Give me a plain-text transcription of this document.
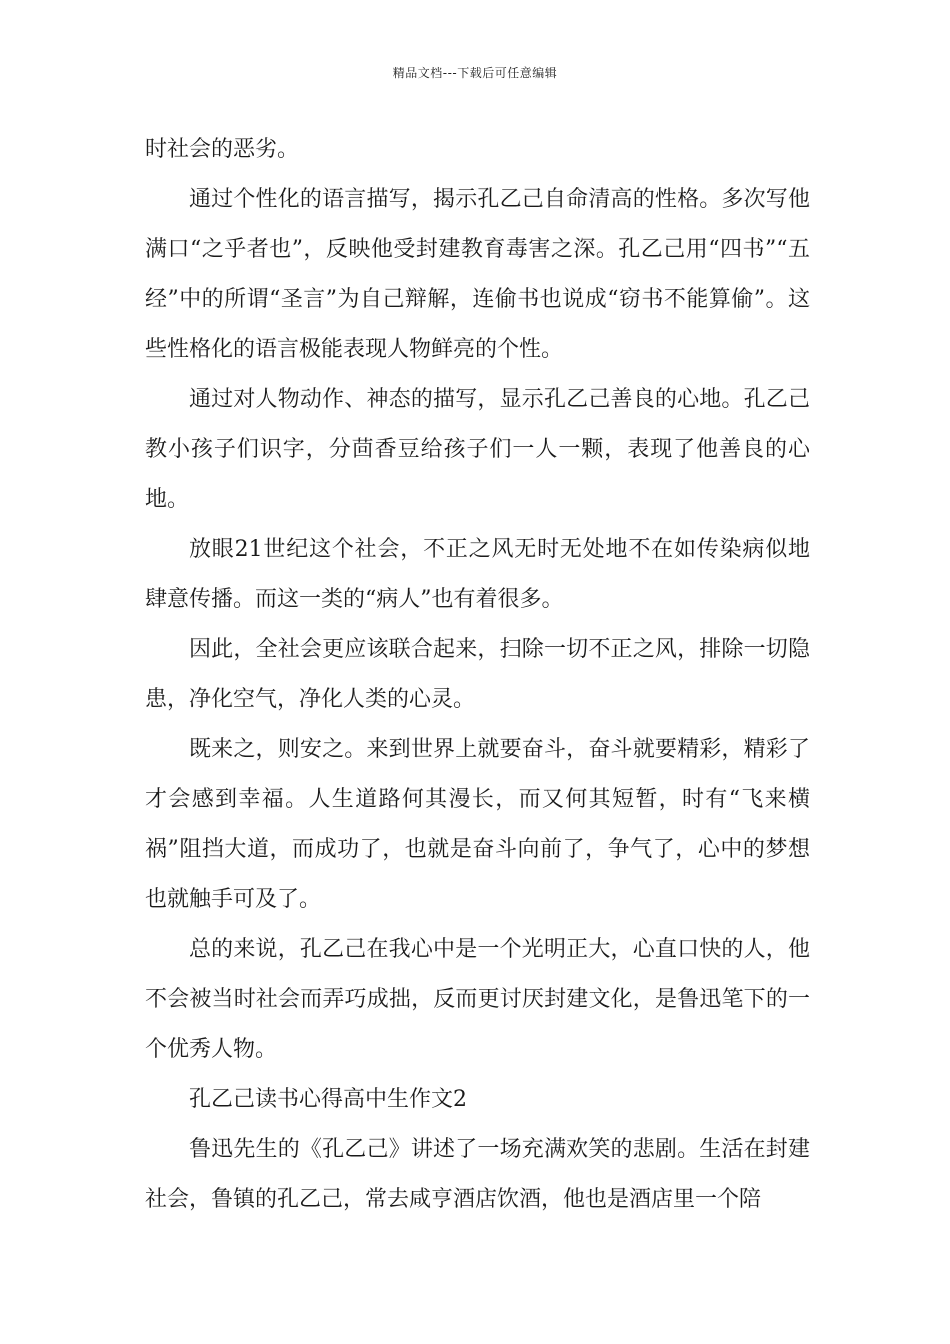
精品文档---下载后可任意编辑

时社会的恶劣。

通过个性化的语言描写，揭示孔乙己自命清高的性格。多次写他满口“之乎者也”，反映他受封建教育毒害之深。孔乙己用“四书”“五经”中的所谓“圣言”为自己辩解，连偷书也说成“窃书不能算偷”。这些性格化的语言极能表现人物鲜亮的个性。

通过对人物动作、神态的描写，显示孔乙己善良的心地。孔乙己教小孩子们识字，分茴香豆给孩子们一人一颗，表现了他善良的心地。

放眼21世纪这个社会，不正之风无时无处地不在如传染病似地肆意传播。而这一类的“病人”也有着很多。

因此，全社会更应该联合起来，扫除一切不正之风，排除一切隐患，净化空气，净化人类的心灵。

既来之，则安之。来到世界上就要奋斗，奋斗就要精彩，精彩了才会感到幸福。人生道路何其漫长，而又何其短暂，时有“飞来横祸”阻挡大道，而成功了，也就是奋斗向前了，争气了，心中的梦想也就触手可及了。

总的来说，孔乙己在我心中是一个光明正大，心直口快的人，他不会被当时社会而弄巧成拙，反而更讨厌封建文化，是鲁迅笔下的一个优秀人物。

孔乙己读书心得高中生作文2

鲁迅先生的《孔乙己》讲述了一场充满欢笑的悲剧。生活在封建社会，鲁镇的孔乙己，常去咸亨酒店饮酒，他也是酒店里一个陪
